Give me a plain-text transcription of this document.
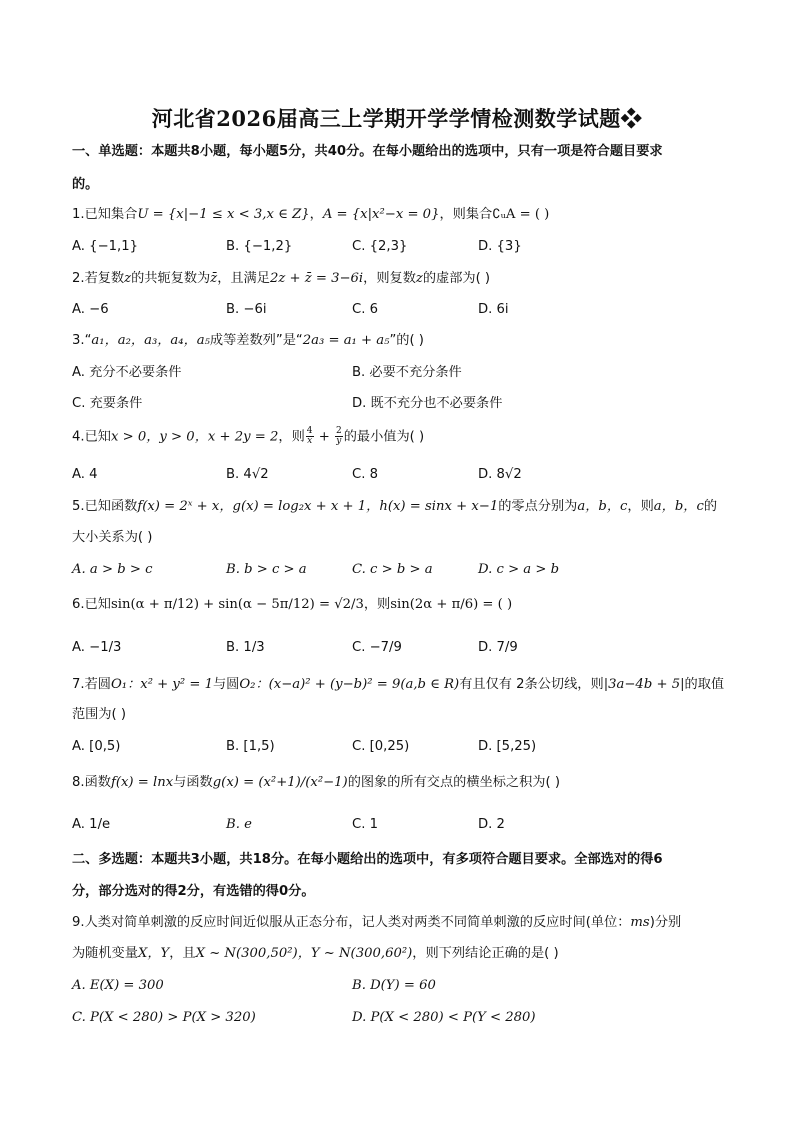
河北省2026届高三上学期开学学情检测数学试题❖
一、单选题：本题共8小题，每小题5分，共40分。在每小题给出的选项中，只有一项是符合题目要求
的。
1.已知集合U = {x|−1 ≤ x < 3,x ∈ Z}，A = {x|x²−x = 0}，则集合∁ᵤA = ( )
A. {−1,1}	B. {−1,2}	C. {2,3}	D. {3}
2.若复数z的共轭复数为z̄，且满足2z + z̄ = 3−6i，则复数z的虚部为( )
A. −6	B. −6i	C. 6	D. 6i
3.“a₁，a₂，a₃，a₄，a₅成等差数列”是“2a₃ = a₁ + a₅”的( )
A. 充分不必要条件	B. 必要不充分条件
C. 充要条件	D. 既不充分也不必要条件
4.已知x > 0，y > 0，x + 2y = 2，则 $\frac{4}{x} + \frac{2}{y}$ 的最小值为( )
A. 4	B. 4√2	C. 8	D. 8√2
5.已知函数f(x) = 2ˣ + x，g(x) = log₂x + x + 1，h(x) = sinx + x−1的零点分别为a，b，c，则a，b，c的
大小关系为( )
A. a > b > c	B. b > c > a	C. c > b > a	D. c > a > b
6.已知sin(α + π/12) + sin(α − 5π/12) = √2/3，则sin(2α + π/6) = ( )
A. −1/3	B. 1/3	C. −7/9	D. 7/9
7.若圆O₁：x² + y² = 1与圆O₂：(x−a)² + (y−b)² = 9(a,b ∈ R)有且仅有 2条公切线，则|3a−4b + 5|的取值
范围为( )
A. [0,5)	B. [1,5)	C. [0,25)	D. [5,25)
8.函数f(x) = lnx与函数g(x) = (x²+1)/(x²−1)的图象的所有交点的横坐标之积为( )
A. 1/e	B. e	C. 1	D. 2
二、多选题：本题共3小题，共18分。在每小题给出的选项中，有多项符合题目要求。全部选对的得6
分，部分选对的得2分，有选错的得0分。
9.人类对简单刺激的反应时间近似服从正态分布，记人类对两类不同简单刺激的反应时间(单位：ms)分别
为随机变量X，Y，且X ~ N(300,50²)，Y ~ N(300,60²)，则下列结论正确的是( )
A. E(X) = 300	B. D(Y) = 60
C. P(X < 280) > P(X > 320)	D. P(X < 280) < P(Y < 280)
